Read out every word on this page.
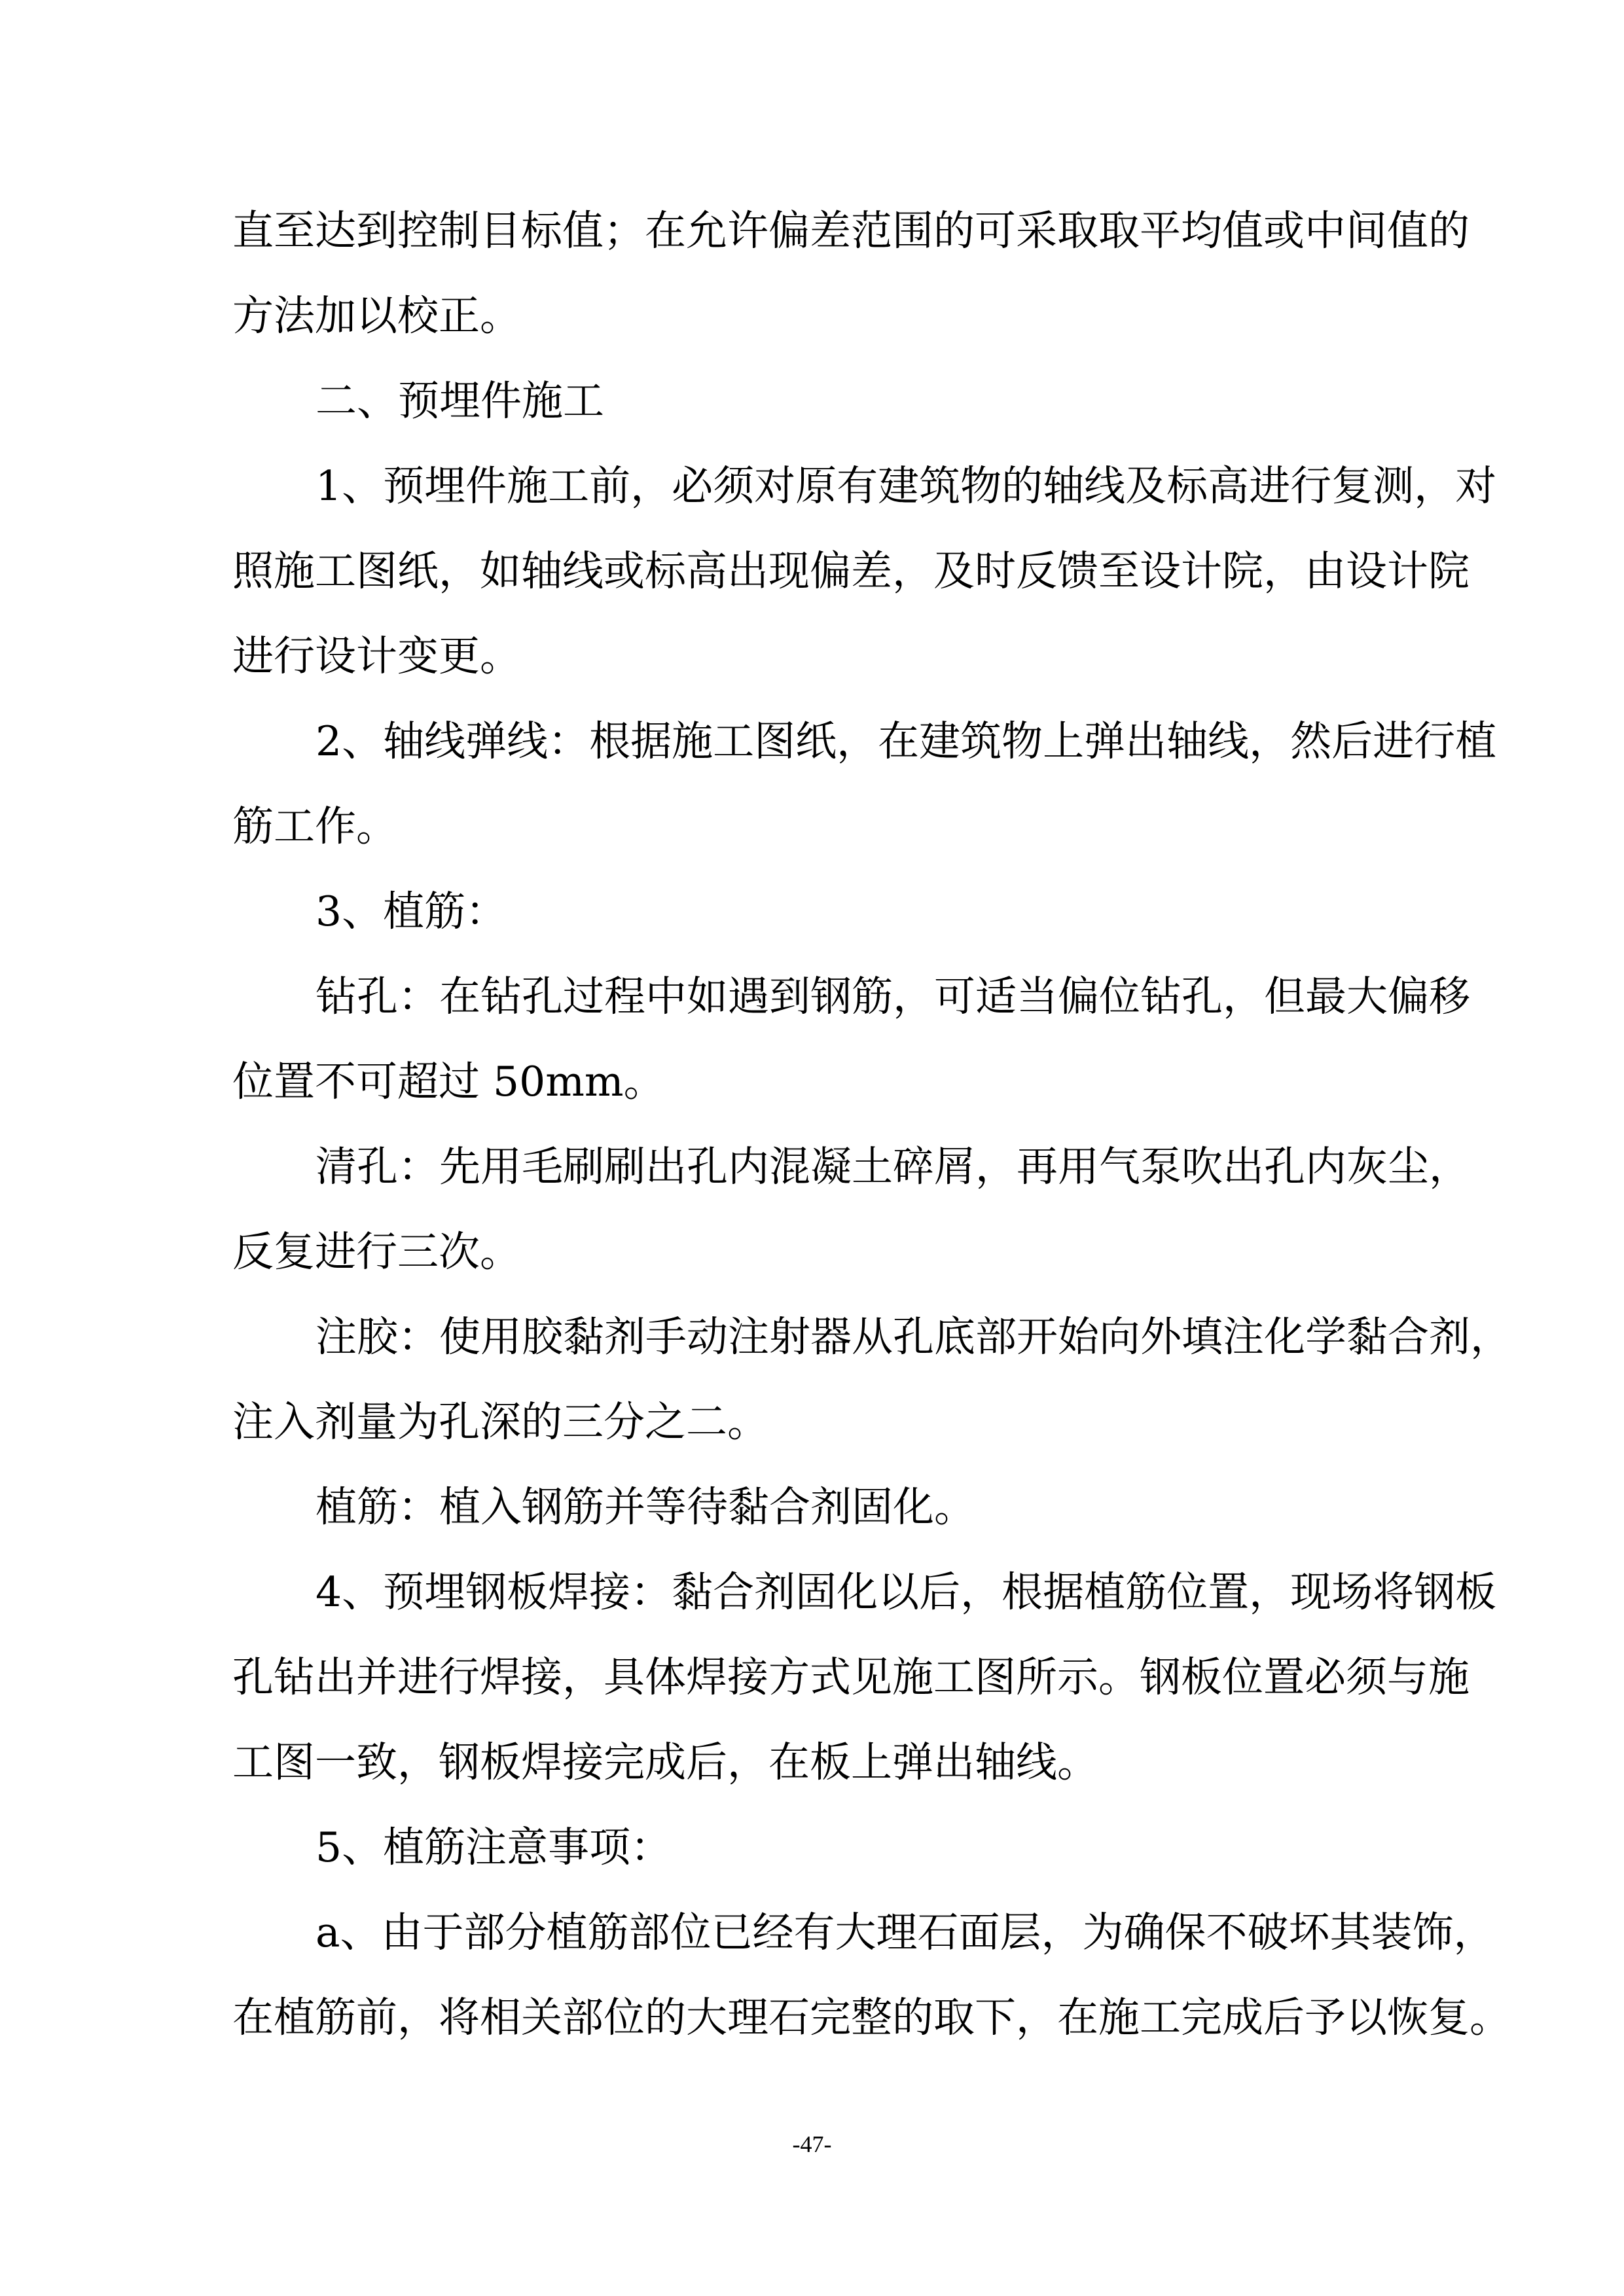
直至达到控制目标值；在允许偏差范围的可采取取平均值或中间值的
方法加以校正。
二、预埋件施工
1、预埋件施工前，必须对原有建筑物的轴线及标高进行复测，对
照施工图纸，如轴线或标高出现偏差，及时反馈至设计院，由设计院
进行设计变更。
2、轴线弹线：根据施工图纸，在建筑物上弹出轴线，然后进行植
筋工作。
3、植筋：
钻孔：在钻孔过程中如遇到钢筋，可适当偏位钻孔，但最大偏移
位置不可超过 50mm。
清孔：先用毛刷刷出孔内混凝土碎屑，再用气泵吹出孔内灰尘，
反复进行三次。
注胶：使用胶黏剂手动注射器从孔底部开始向外填注化学黏合剂，
注入剂量为孔深的三分之二。
植筋：植入钢筋并等待黏合剂固化。
4、预埋钢板焊接：黏合剂固化以后，根据植筋位置，现场将钢板
孔钻出并进行焊接，具体焊接方式见施工图所示。钢板位置必须与施
工图一致，钢板焊接完成后，在板上弹出轴线。
5、植筋注意事项：
a、由于部分植筋部位已经有大理石面层，为确保不破坏其装饰，
在植筋前，将相关部位的大理石完整的取下，在施工完成后予以恢复。
-47-
